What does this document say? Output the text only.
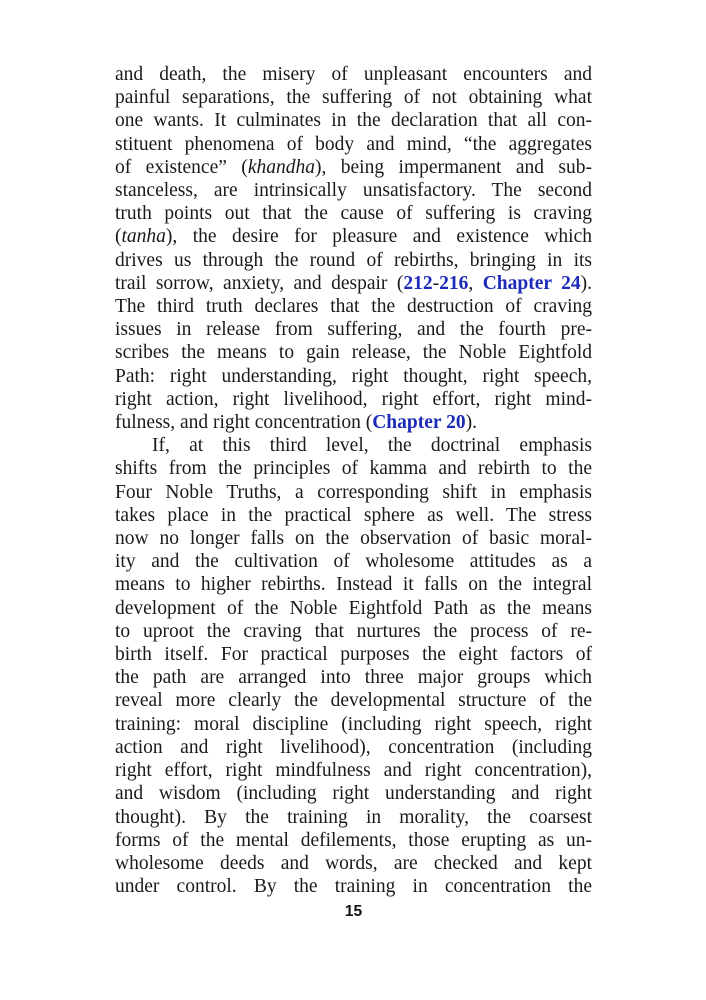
and death, the misery of unpleasant encounters and
painful separations, the suffering of not obtaining what
one wants. It culminates in the declaration that all con-
stituent phenomena of body and mind, “the aggregates
of existence” (khandha), being impermanent and sub-
stanceless, are intrinsically unsatisfactory. The second
truth points out that the cause of suffering is craving
(tanha), the desire for pleasure and existence which
drives us through the round of rebirths, bringing in its
trail sorrow, anxiety, and despair (212-216, Chapter 24).
The third truth declares that the destruction of craving
issues in release from suffering, and the fourth pre-
scribes the means to gain release, the Noble Eightfold
Path: right understanding, right thought, right speech,
right action, right livelihood, right effort, right mind-
fulness, and right concentration (Chapter 20).
If, at this third level, the doctrinal emphasis
shifts from the principles of kamma and rebirth to the
Four Noble Truths, a corresponding shift in emphasis
takes place in the practical sphere as well. The stress
now no longer falls on the observation of basic moral-
ity and the cultivation of wholesome attitudes as a
means to higher rebirths. Instead it falls on the integral
development of the Noble Eightfold Path as the means
to uproot the craving that nurtures the process of re-
birth itself. For practical purposes the eight factors of
the path are arranged into three major groups which
reveal more clearly the developmental structure of the
training: moral discipline (including right speech, right
action and right livelihood), concentration (including
right effort, right mindfulness and right concentration),
and wisdom (including right understanding and right
thought). By the training in morality, the coarsest
forms of the mental defilements, those erupting as un-
wholesome deeds and words, are checked and kept
under control. By the training in concentration the
15
